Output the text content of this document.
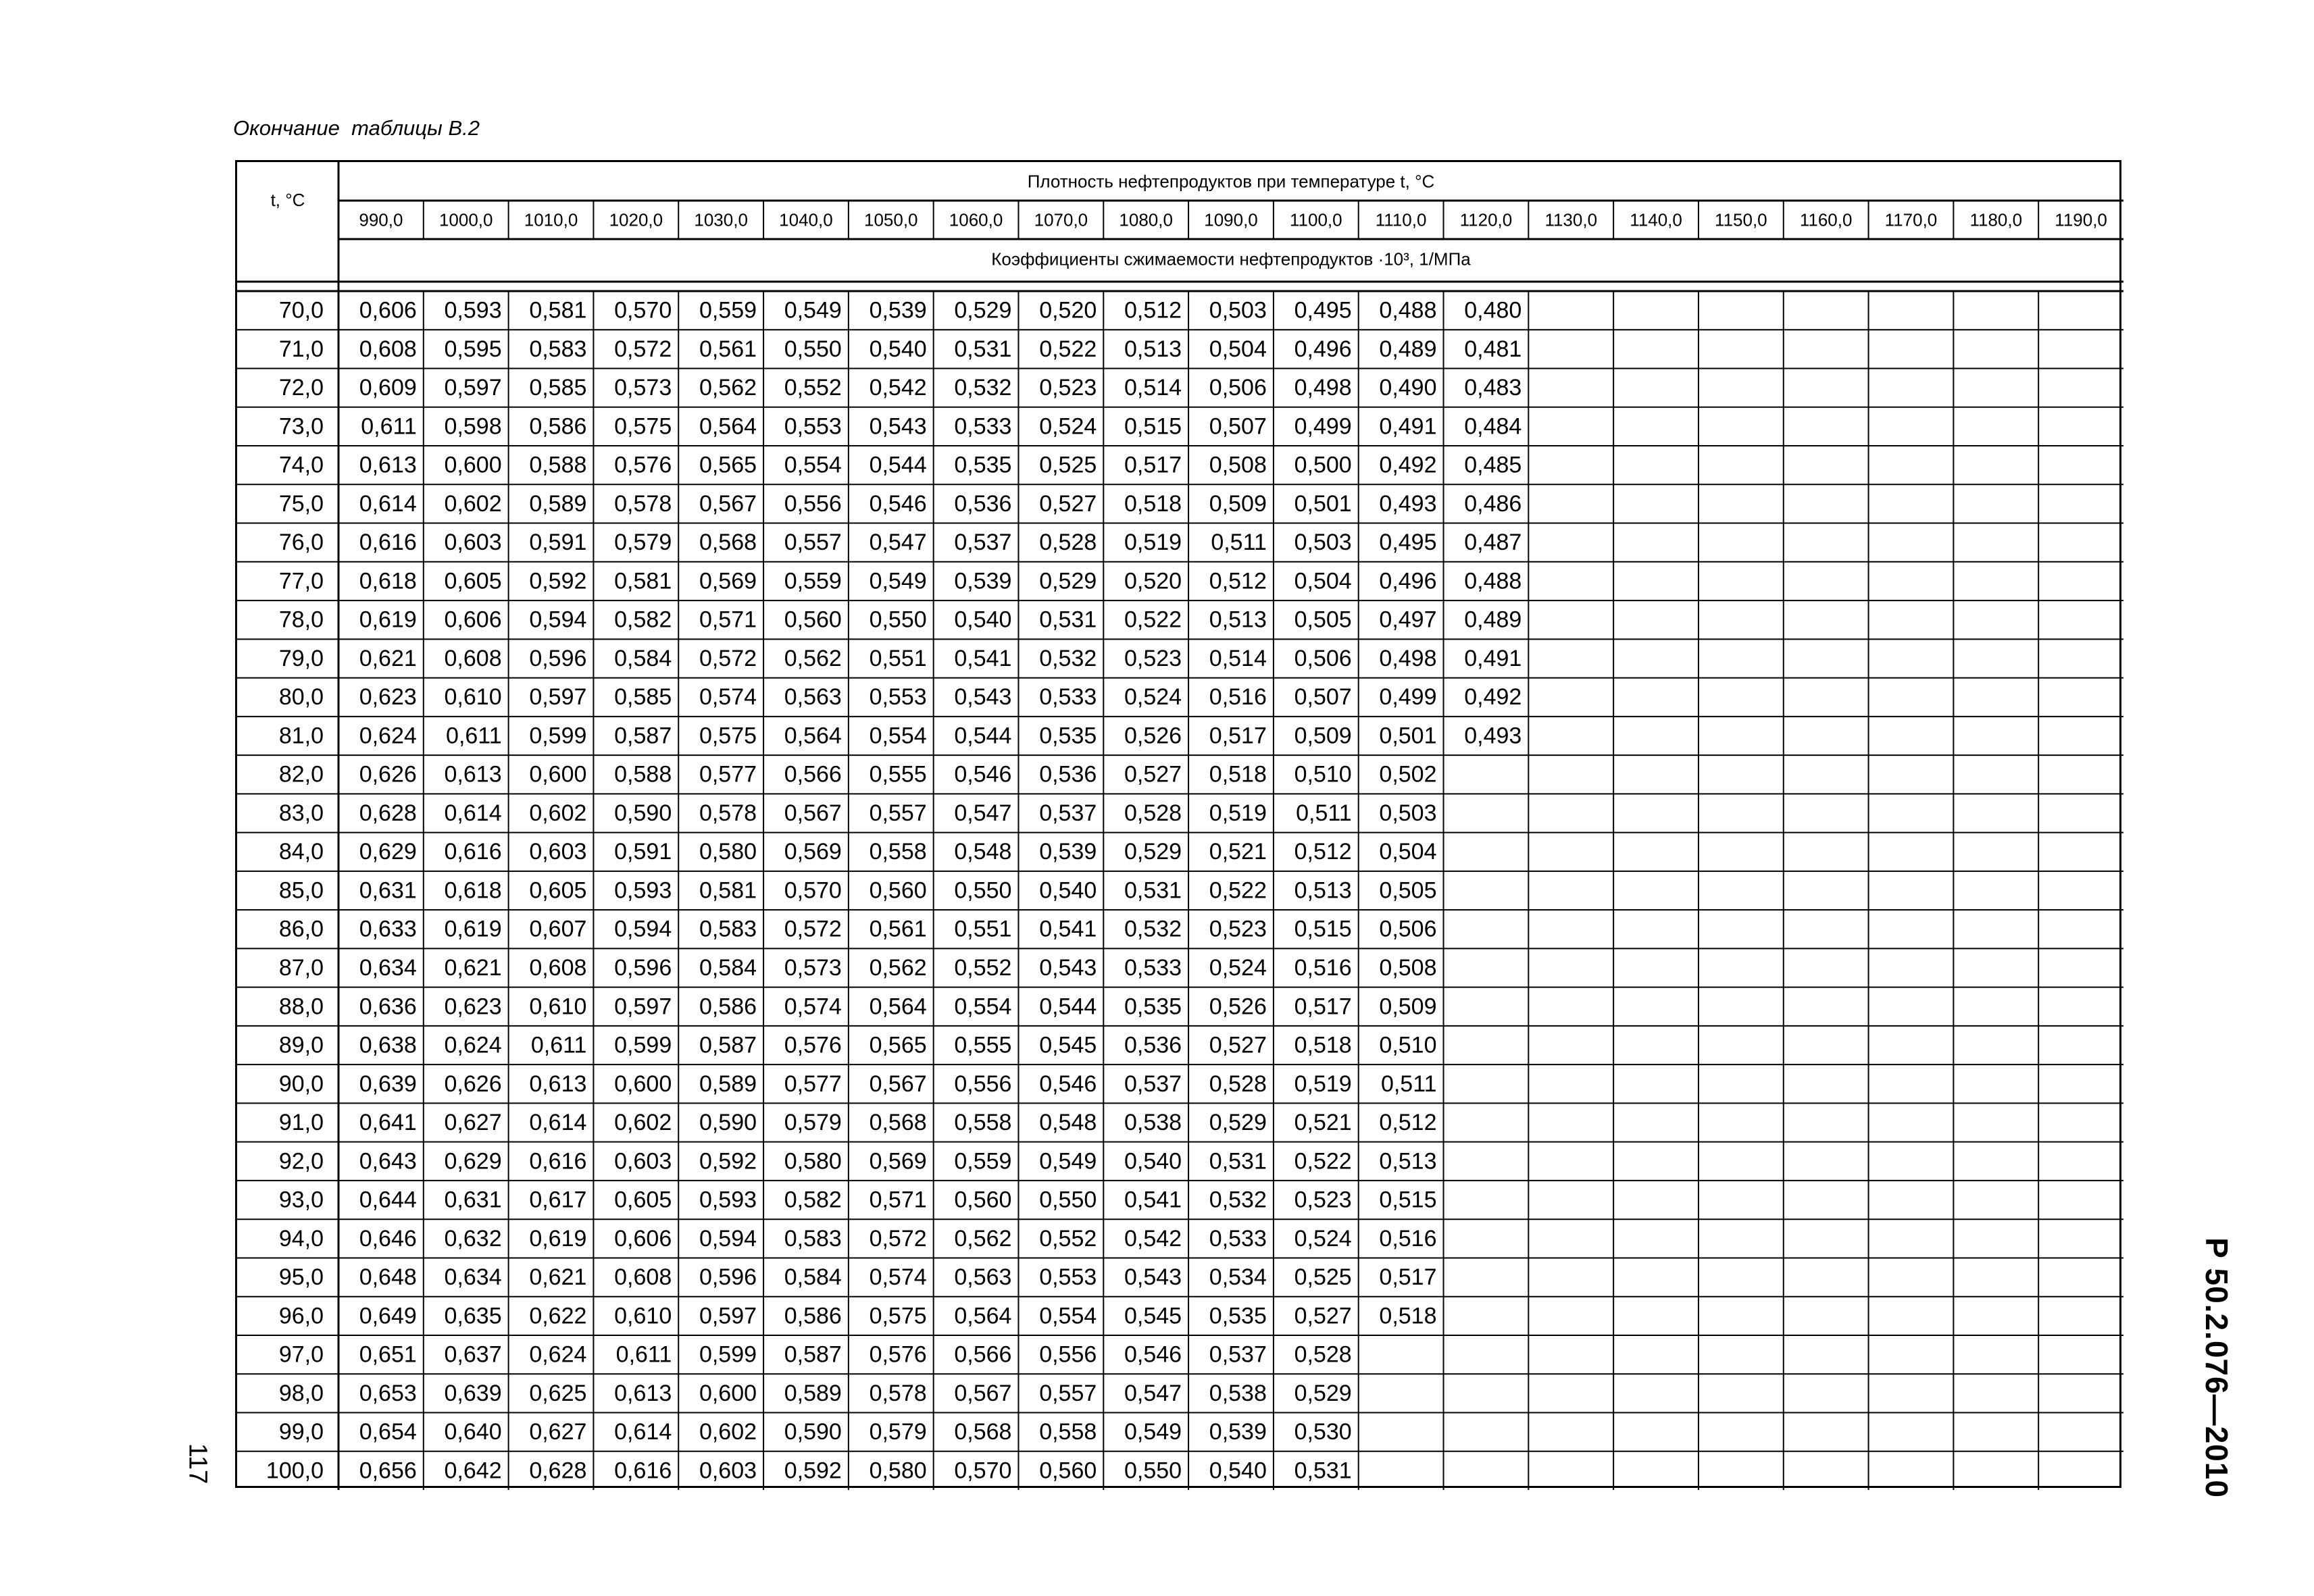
Окончание  таблицы В.2
t, °C
Плотность нефтепродуктов при температуре t, °C
990,0 1000,0 1010,0 1020,0 1030,0 1040,0 1050,0 1060,0 1070,0 1080,0 1090,0 1100,0 1110,0 1120,0 1130,0 1140,0 1150,0 1160,0 1170,0 1180,0 1190,0
Коэффициенты сжимаемости нефтепродуктов ·10³, 1/МПа
70,0 0,606 0,593 0,581 0,570 0,559 0,549 0,539 0,529 0,520 0,512 0,503 0,495 0,488 0,480
71,0 0,608 0,595 0,583 0,572 0,561 0,550 0,540 0,531 0,522 0,513 0,504 0,496 0,489 0,481
72,0 0,609 0,597 0,585 0,573 0,562 0,552 0,542 0,532 0,523 0,514 0,506 0,498 0,490 0,483
73,0 0,611 0,598 0,586 0,575 0,564 0,553 0,543 0,533 0,524 0,515 0,507 0,499 0,491 0,484
74,0 0,613 0,600 0,588 0,576 0,565 0,554 0,544 0,535 0,525 0,517 0,508 0,500 0,492 0,485
75,0 0,614 0,602 0,589 0,578 0,567 0,556 0,546 0,536 0,527 0,518 0,509 0,501 0,493 0,486
76,0 0,616 0,603 0,591 0,579 0,568 0,557 0,547 0,537 0,528 0,519 0,511 0,503 0,495 0,487
77,0 0,618 0,605 0,592 0,581 0,569 0,559 0,549 0,539 0,529 0,520 0,512 0,504 0,496 0,488
78,0 0,619 0,606 0,594 0,582 0,571 0,560 0,550 0,540 0,531 0,522 0,513 0,505 0,497 0,489
79,0 0,621 0,608 0,596 0,584 0,572 0,562 0,551 0,541 0,532 0,523 0,514 0,506 0,498 0,491
80,0 0,623 0,610 0,597 0,585 0,574 0,563 0,553 0,543 0,533 0,524 0,516 0,507 0,499 0,492
81,0 0,624 0,611 0,599 0,587 0,575 0,564 0,554 0,544 0,535 0,526 0,517 0,509 0,501 0,493
82,0 0,626 0,613 0,600 0,588 0,577 0,566 0,555 0,546 0,536 0,527 0,518 0,510 0,502
83,0 0,628 0,614 0,602 0,590 0,578 0,567 0,557 0,547 0,537 0,528 0,519 0,511 0,503
84,0 0,629 0,616 0,603 0,591 0,580 0,569 0,558 0,548 0,539 0,529 0,521 0,512 0,504
85,0 0,631 0,618 0,605 0,593 0,581 0,570 0,560 0,550 0,540 0,531 0,522 0,513 0,505
86,0 0,633 0,619 0,607 0,594 0,583 0,572 0,561 0,551 0,541 0,532 0,523 0,515 0,506
87,0 0,634 0,621 0,608 0,596 0,584 0,573 0,562 0,552 0,543 0,533 0,524 0,516 0,508
88,0 0,636 0,623 0,610 0,597 0,586 0,574 0,564 0,554 0,544 0,535 0,526 0,517 0,509
89,0 0,638 0,624 0,611 0,599 0,587 0,576 0,565 0,555 0,545 0,536 0,527 0,518 0,510
90,0 0,639 0,626 0,613 0,600 0,589 0,577 0,567 0,556 0,546 0,537 0,528 0,519 0,511
91,0 0,641 0,627 0,614 0,602 0,590 0,579 0,568 0,558 0,548 0,538 0,529 0,521 0,512
92,0 0,643 0,629 0,616 0,603 0,592 0,580 0,569 0,559 0,549 0,540 0,531 0,522 0,513
93,0 0,644 0,631 0,617 0,605 0,593 0,582 0,571 0,560 0,550 0,541 0,532 0,523 0,515
94,0 0,646 0,632 0,619 0,606 0,594 0,583 0,572 0,562 0,552 0,542 0,533 0,524 0,516
95,0 0,648 0,634 0,621 0,608 0,596 0,584 0,574 0,563 0,553 0,543 0,534 0,525 0,517
96,0 0,649 0,635 0,622 0,610 0,597 0,586 0,575 0,564 0,554 0,545 0,535 0,527 0,518
97,0 0,651 0,637 0,624 0,611 0,599 0,587 0,576 0,566 0,556 0,546 0,537 0,528
98,0 0,653 0,639 0,625 0,613 0,600 0,589 0,578 0,567 0,557 0,547 0,538 0,529
99,0 0,654 0,640 0,627 0,614 0,602 0,590 0,579 0,568 0,558 0,549 0,539 0,530
100,0 0,656 0,642 0,628 0,616 0,603 0,592 0,580 0,570 0,560 0,550 0,540 0,531	Р 50.2.076—2010
117
